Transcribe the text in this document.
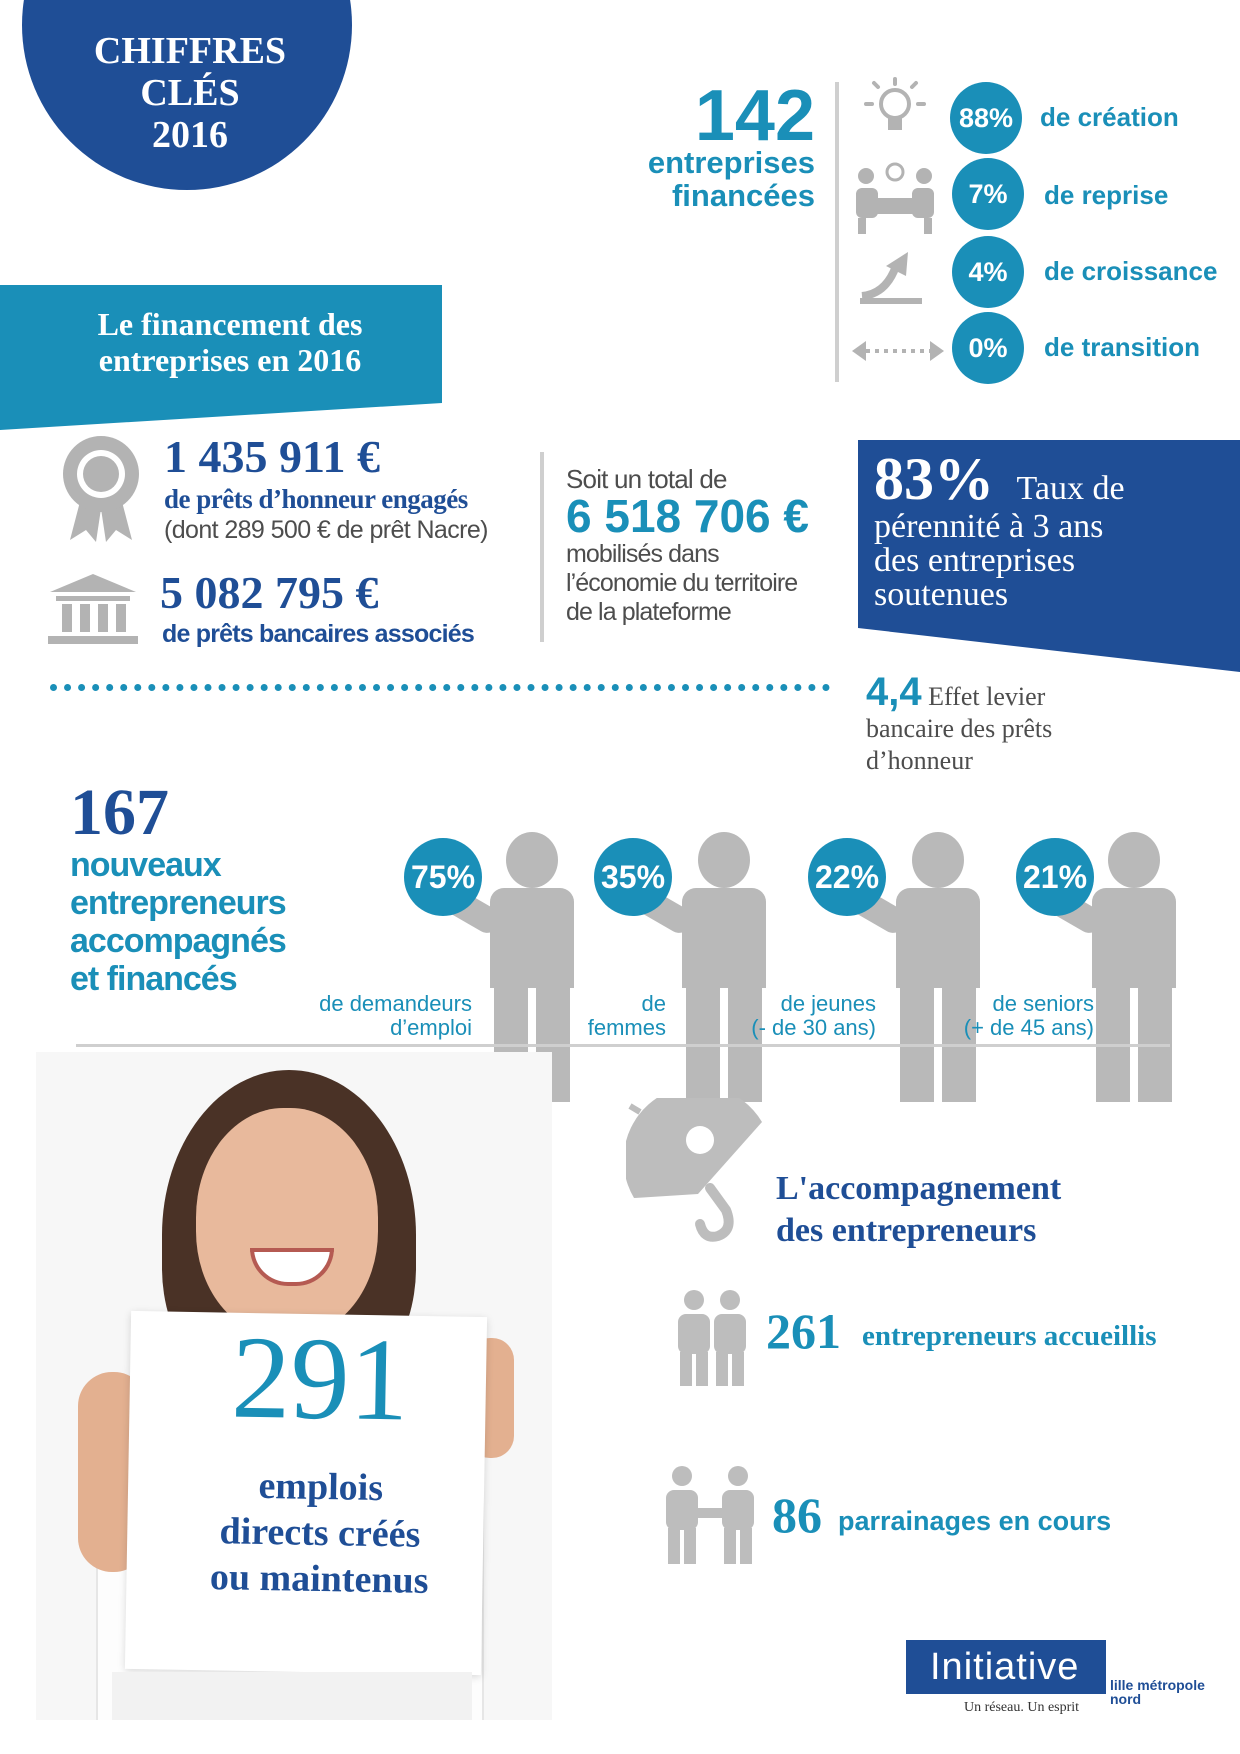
CHIFFRES
CLÉS
2016	142
entreprises
financées
88%	de création
7%	de reprise
4%	de croissance
0%	de transition
Le financement des
entreprises en 2016
1 435 911 €
de prêts d’honneur engagés
(dont 289 500 € de prêt Nacre)
5 082 795 €
de prêts bancaires associés
Soit un total de
6 518 706 €
mobilisés dans
l’économie du territoire
de la plateforme
83% Taux de
pérennité à 3 ans
des entreprises
soutenues
4,4 Effet levier
bancaire des prêts
d’honneur
167
nouveaux
entrepreneurs
accompagnés
et financés
75%	35%	22%	21%
de demandeurs
d’emploi
de
femmes
de jeunes
(- de 30 ans)
de seniors
(+ de 45 ans)
291
emplois
directs créés
ou maintenus
L'accompagnement
des entrepreneurs
261 entrepreneurs accueillis
86 parrainages en cours
Initiative lille métropole
nord
Un réseau. Un esprit
